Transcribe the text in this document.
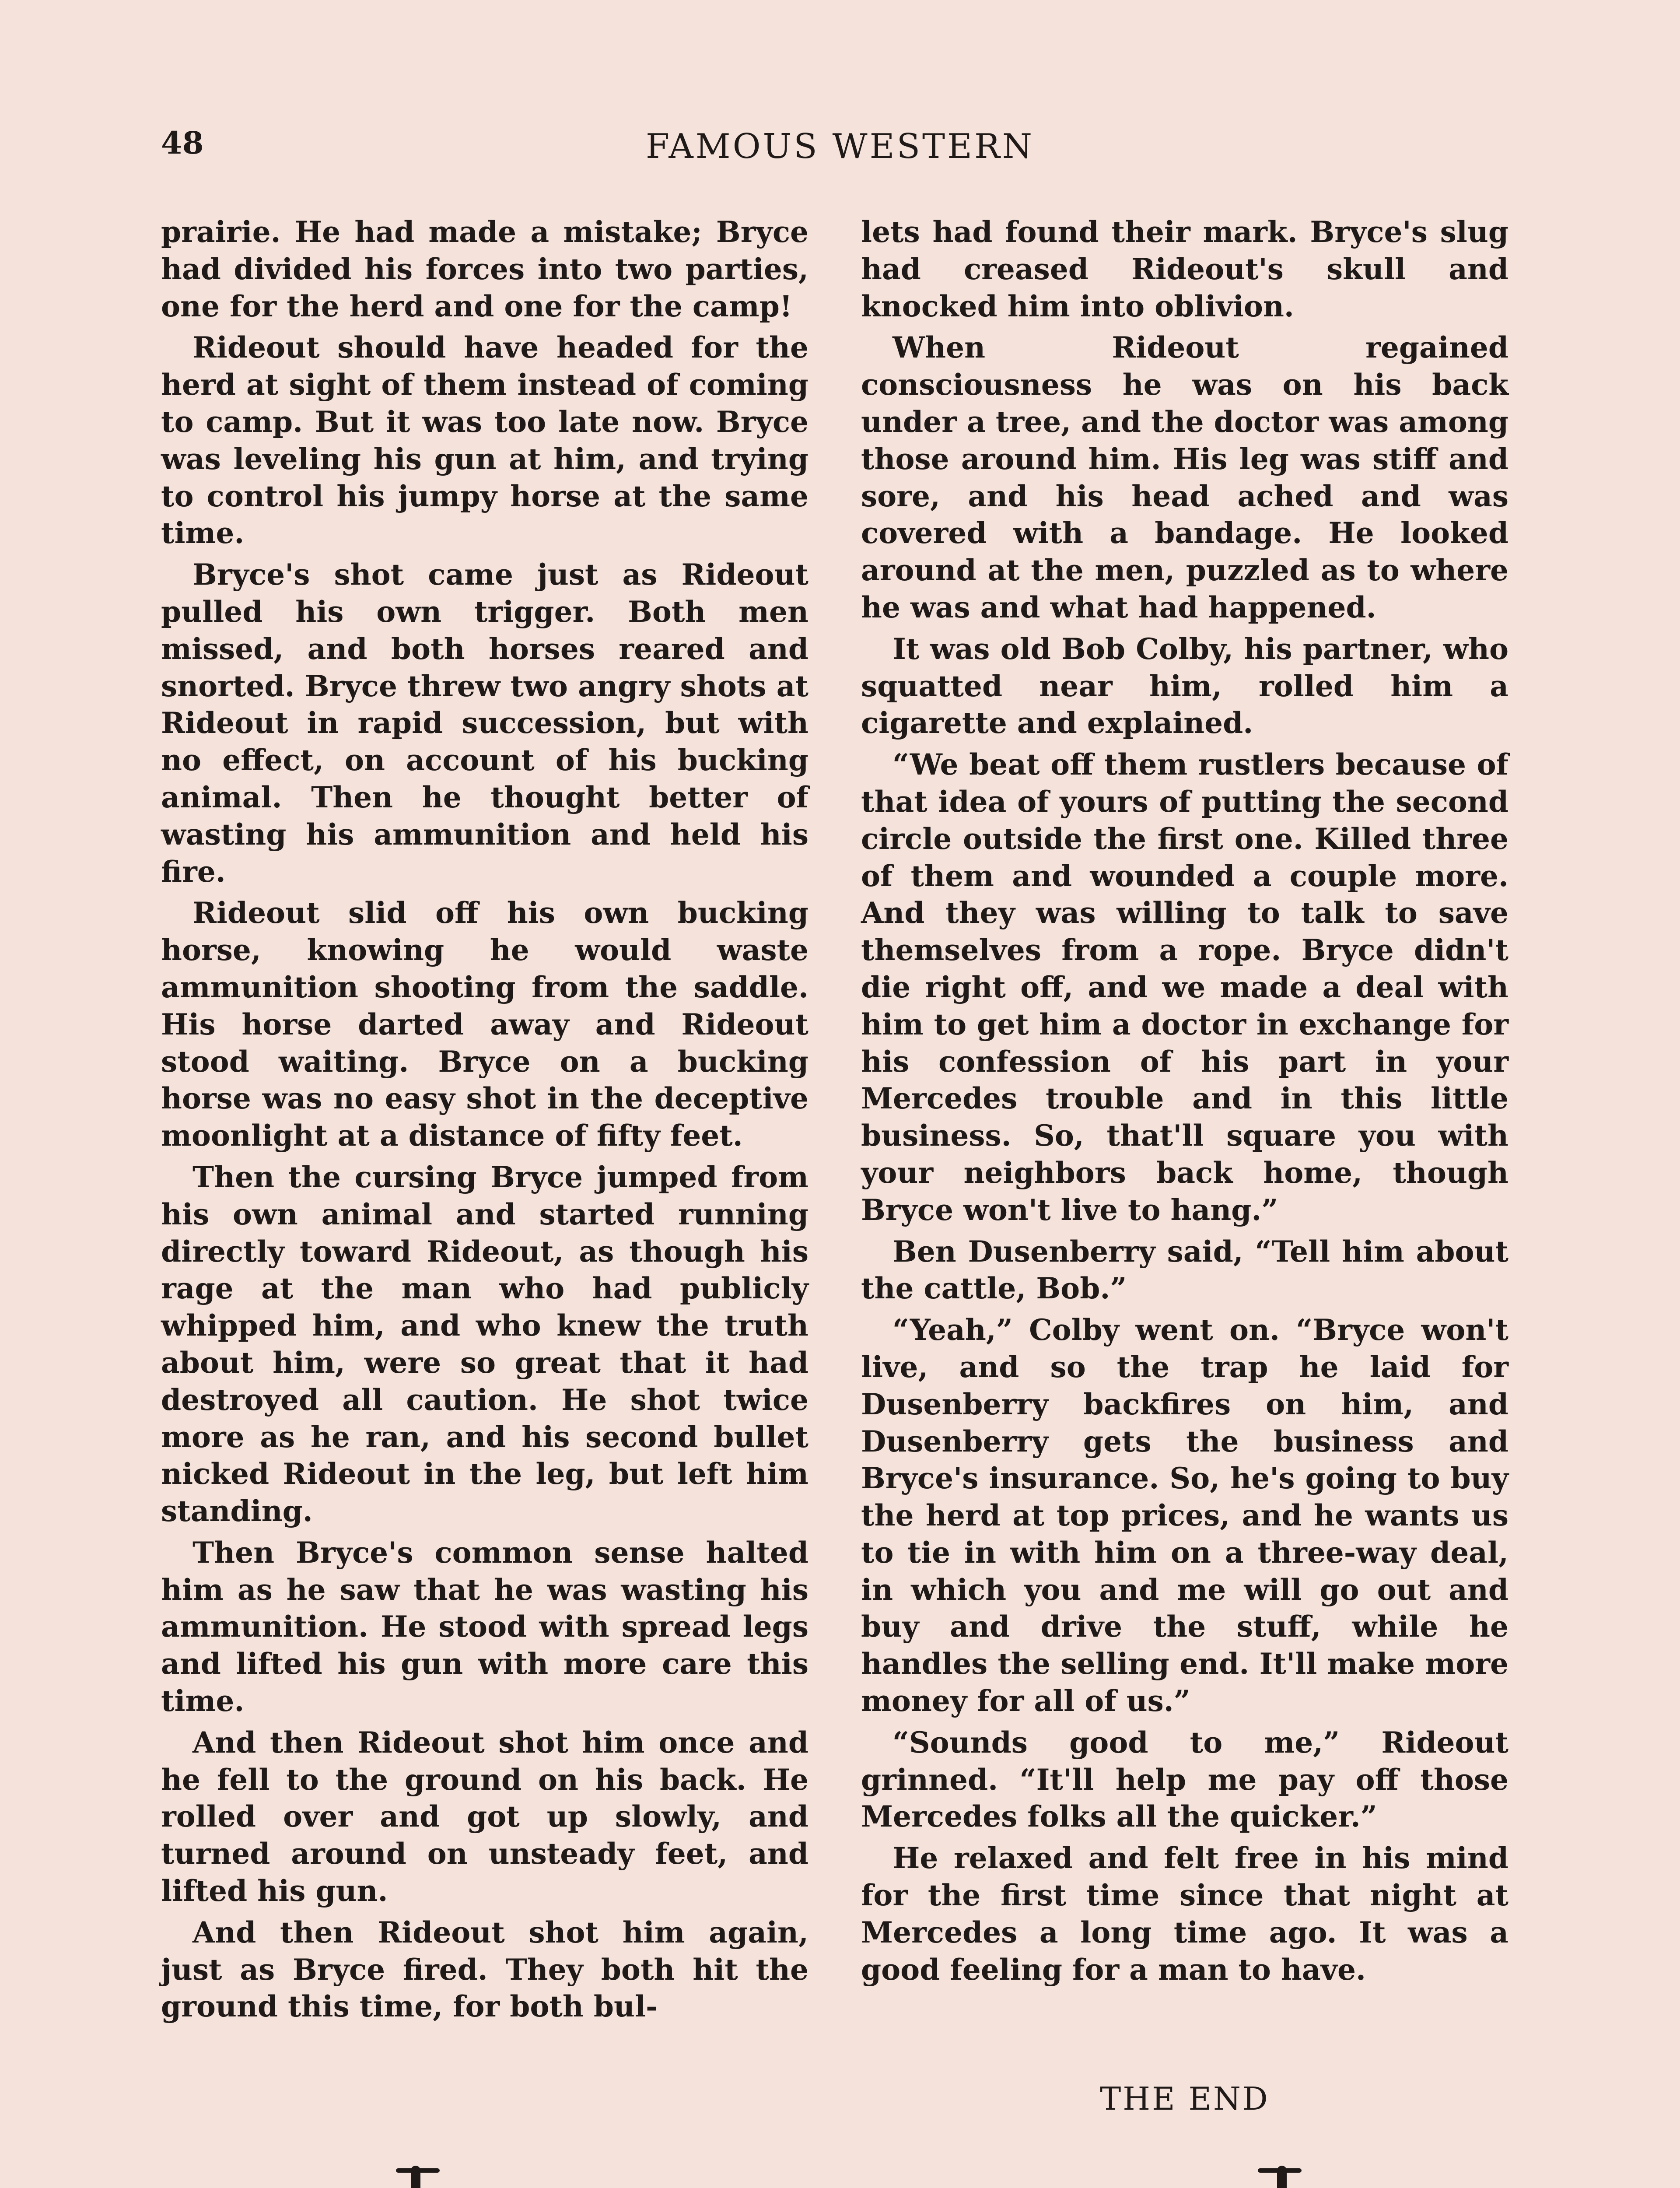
48	FAMOUS WESTERN

prairie. He had made a mistake; Bryce had divided his forces into two parties, one for the herd and one for the camp!

Rideout should have headed for the herd at sight of them instead of coming to camp. But it was too late now. Bryce was leveling his gun at him, and trying to control his jumpy horse at the same time.

Bryce's shot came just as Rideout pulled his own trigger. Both men missed, and both horses reared and snorted. Bryce threw two angry shots at Rideout in rapid succession, but with no effect, on account of his bucking animal. Then he thought better of wasting his ammunition and held his fire.

Rideout slid off his own bucking horse, knowing he would waste ammunition shooting from the saddle. His horse darted away and Rideout stood waiting. Bryce on a bucking horse was no easy shot in the deceptive moonlight at a distance of fifty feet.

Then the cursing Bryce jumped from his own animal and started running directly toward Rideout, as though his rage at the man who had publicly whipped him, and who knew the truth about him, were so great that it had destroyed all caution. He shot twice more as he ran, and his second bullet nicked Rideout in the leg, but left him standing.

Then Bryce's common sense halted him as he saw that he was wasting his ammunition. He stood with spread legs and lifted his gun with more care this time.

And then Rideout shot him once and he fell to the ground on his back. He rolled over and got up slowly, and turned around on unsteady feet, and lifted his gun.

And then Rideout shot him again, just as Bryce fired. They both hit the ground this time, for both bul-

lets had found their mark. Bryce's slug had creased Rideout's skull and knocked him into oblivion.

When Rideout regained consciousness he was on his back under a tree, and the doctor was among those around him. His leg was stiff and sore, and his head ached and was covered with a bandage. He looked around at the men, puzzled as to where he was and what had happened.

It was old Bob Colby, his partner, who squatted near him, rolled him a cigarette and explained.

“We beat off them rustlers because of that idea of yours of putting the second circle outside the first one. Killed three of them and wounded a couple more. And they was willing to talk to save themselves from a rope. Bryce didn't die right off, and we made a deal with him to get him a doctor in exchange for his confession of his part in your Mercedes trouble and in this little business. So, that'll square you with your neighbors back home, though Bryce won't live to hang.”

Ben Dusenberry said, “Tell him about the cattle, Bob.”

“Yeah,” Colby went on. “Bryce won't live, and so the trap he laid for Dusenberry backfires on him, and Dusenberry gets the business and Bryce's insurance. So, he's going to buy the herd at top prices, and he wants us to tie in with him on a three-way deal, in which you and me will go out and buy and drive the stuff, while he handles the selling end. It'll make more money for all of us.”

“Sounds good to me,” Rideout grinned. “It'll help me pay off those Mercedes folks all the quicker.”

He relaxed and felt free in his mind for the first time since that night at Mercedes a long time ago. It was a good feeling for a man to have.

THE END
